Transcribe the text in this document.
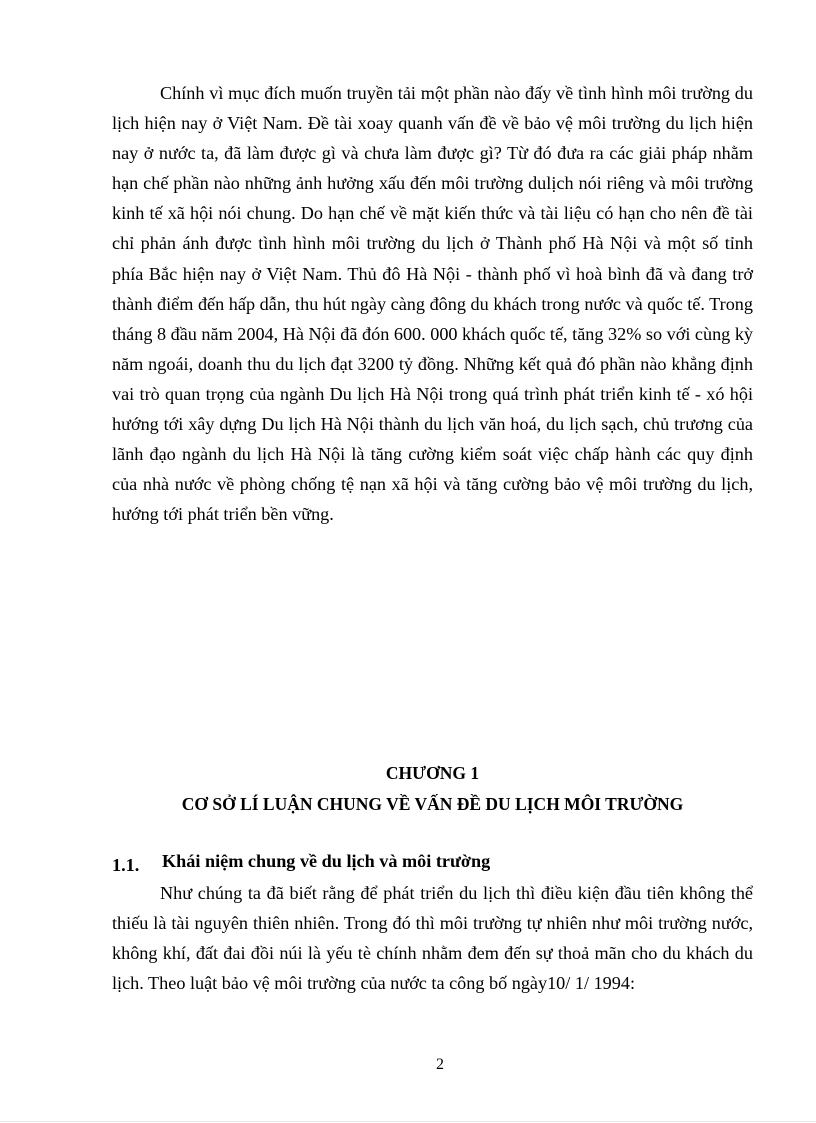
Chính vì mục đích muốn truyền tải một phần nào đấy về tình hình môi trường du lịch hiện nay ở Việt Nam. Đề tài xoay quanh vấn đề về bảo vệ môi trường du lịch hiện nay ở nước ta, đã làm được gì và chưa làm được gì? Từ đó đưa ra các giải pháp nhằm hạn chế phần nào những ảnh hưởng xấu đến môi trường dulịch nói riêng và môi trường kinh tế xã hội nói chung. Do hạn chế về mặt kiến thức và tài liệu có hạn cho nên đề tài chỉ phản ánh được tình hình môi trường du lịch ở Thành phố Hà Nội và một số tỉnh phía Bắc hiện nay ở Việt Nam. Thủ đô Hà Nội - thành phố vì hoà bình đã và đang trở thành điểm đến hấp dẫn, thu hút ngày càng đông du khách trong nước và quốc tế. Trong tháng 8 đầu năm 2004, Hà Nội đã đón 600. 000 khách quốc tế, tăng 32% so với cùng kỳ năm ngoái, doanh thu du lịch đạt 3200 tỷ đồng. Những kết quả đó phần nào khẳng định vai trò quan trọng của ngành Du lịch Hà Nội trong quá trình phát triển kinh tế - xó hội hướng tới xây dựng Du lịch Hà Nội thành du lịch văn hoá, du lịch sạch, chủ trương của lãnh đạo ngành du lịch Hà Nội là tăng cường kiểm soát việc chấp hành các quy định của nhà nước về phòng chống tệ nạn xã hội và tăng cường bảo vệ môi trường du lịch, hướng tới phát triển bền vững.

CHƯƠNG 1
CƠ SỞ LÍ LUẬN CHUNG VỀ VẤN ĐỀ DU LỊCH MÔI TRƯỜNG
1.1. Khái niệm chung về du lịch và môi trường

Như chúng ta đã biết rằng để phát triển du lịch thì điều kiện đầu tiên không thể thiếu là tài nguyên thiên nhiên. Trong đó thì môi trường tự nhiên như môi trường nước, không khí, đất đai đồi núi là yếu tè chính nhằm đem đến sự thoả mãn cho du khách du lịch. Theo luật bảo vệ môi trường của nước ta công bố ngày10/ 1/ 1994:

2
